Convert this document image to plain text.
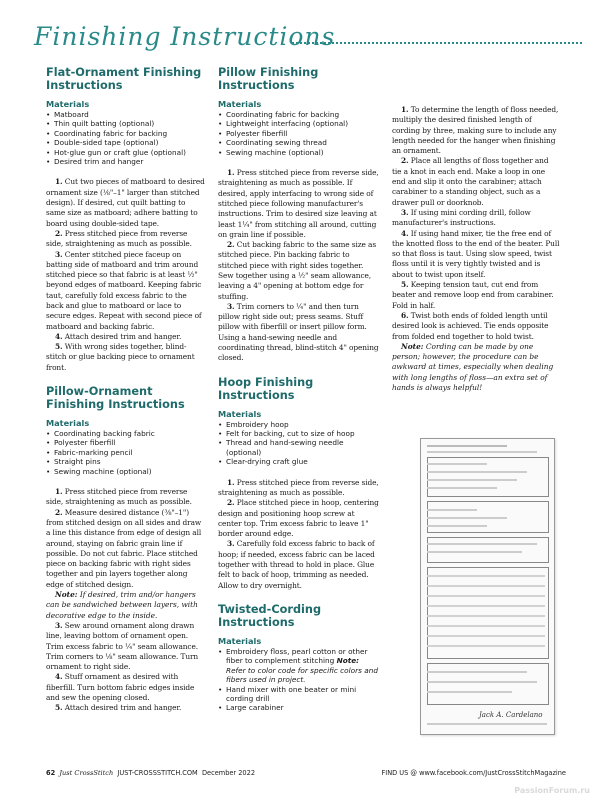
Finishing Instructions
Flat-Ornament Finishing Instructions
Materials
• Matboard
• Thin quilt batting (optional)
• Coordinating fabric for backing
• Double-sided tape (optional)
• Hot-glue gun or craft glue (optional)
• Desired trim and hanger

1. Cut two pieces of matboard to desired ornament size (⅛"–1" larger than stitched design). If desired, cut quilt batting to same size as matboard; adhere batting to board using double-sided tape.

2. Press stitched piece from reverse side, straightening as much as possible.

3. Center stitched piece faceup on batting side of matboard and trim around stitched piece so that fabric is at least ½" beyond edges of matboard. Keeping fabric taut, carefully fold excess fabric to the back and glue to matboard or lace to secure edges. Repeat with second piece of matboard and backing fabric.

4. Attach desired trim and hanger.

5. With wrong sides together, blind-stitch or glue backing piece to ornament front.

Pillow-Ornament Finishing Instructions
Materials
• Coordinating backing fabric
• Polyester fiberfill
• Fabric-marking pencil
• Straight pins
• Sewing machine (optional)

1. Press stitched piece from reverse side, straightening as much as possible.

2. Measure desired distance (⅜"–1") from stitched design on all sides and draw a line this distance from edge of design all around, staying on fabric grain line if possible. Do not cut fabric. Place stitched piece on backing fabric with right sides together and pin layers together along edge of stitched design.

Note: If desired, trim and/or hangers can be sandwiched between layers, with decorative edge to the inside.

3. Sew around ornament along drawn line, leaving bottom of ornament open. Trim excess fabric to ¼" seam allowance. Trim corners to ⅛" seam allowance. Turn ornament to right side.

4. Stuff ornament as desired with fiberfill. Turn bottom fabric edges inside and sew the opening closed.

5. Attach desired trim and hanger.

Pillow Finishing Instructions
Materials
• Coordinating fabric for backing
• Lightweight interfacing (optional)
• Polyester fiberfill
• Coordinating sewing thread
• Sewing machine (optional)

1. Press stitched piece from reverse side, straightening as much as possible. If desired, apply interfacing to wrong side of stitched piece following manufacturer's instructions. Trim to desired size leaving at least 1¼" from stitching all around, cutting on grain line if possible.

2. Cut backing fabric to the same size as stitched piece. Pin backing fabric to stitched piece with right sides together. Sew together using a ½" seam allowance, leaving a 4" opening at bottom edge for stuffing.

3. Trim corners to ¼" and then turn pillow right side out; press seams. Stuff pillow with fiberfill or insert pillow form. Using a hand-sewing needle and coordinating thread, blind-stitch 4" opening closed.

Hoop Finishing Instructions
Materials
• Embroidery hoop
• Felt for backing, cut to size of hoop
• Thread and hand-sewing needle (optional)
• Clear-drying craft glue

1. Press stitched piece from reverse side, straightening as much as possible.

2. Place stitched piece in hoop, centering design and positioning hoop screw at center top. Trim excess fabric to leave 1" border around edge.

3. Carefully fold excess fabric to back of hoop; if needed, excess fabric can be laced together with thread to hold in place. Glue felt to back of hoop, trimming as needed. Allow to dry overnight.

Twisted-Cording Instructions
Materials
• Embroidery floss, pearl cotton or other fiber to complement stitching Note: Refer to color code for specific colors and fibers used in project.
• Hand mixer with one beater or mini cording drill
• Large carabiner

1. To determine the length of floss needed, multiply the desired finished length of cording by three, making sure to include any length needed for the hanger when finishing an ornament.

2. Place all lengths of floss together and tie a knot in each end. Make a loop in one end and slip it onto the carabiner; attach carabiner to a standing object, such as a drawer pull or doorknob.

3. If using mini cording drill, follow manufacturer's instructions.

4. If using hand mixer, tie the free end of the knotted floss to the end of the beater. Pull so that floss is taut. Using slow speed, twist floss until it is very tightly twisted and is about to twist upon itself.

5. Keeping tension taut, cut end from beater and remove loop end from carabiner. Fold in half.

6. Twist both ends of folded length until desired look is achieved. Tie ends opposite from folded end together to hold twist.

Note: Cording can be made by one person; however, the procedure can be awkward at times, especially when dealing with long lengths of floss—an extra set of hands is always helpful!

Jack A. Cardelano
62 Just CrossStitch JUST-CROSSSTITCH.COM December 2022	FIND US @ www.facebook.com/JustCrossStitchMagazine
PassionForum.ru
